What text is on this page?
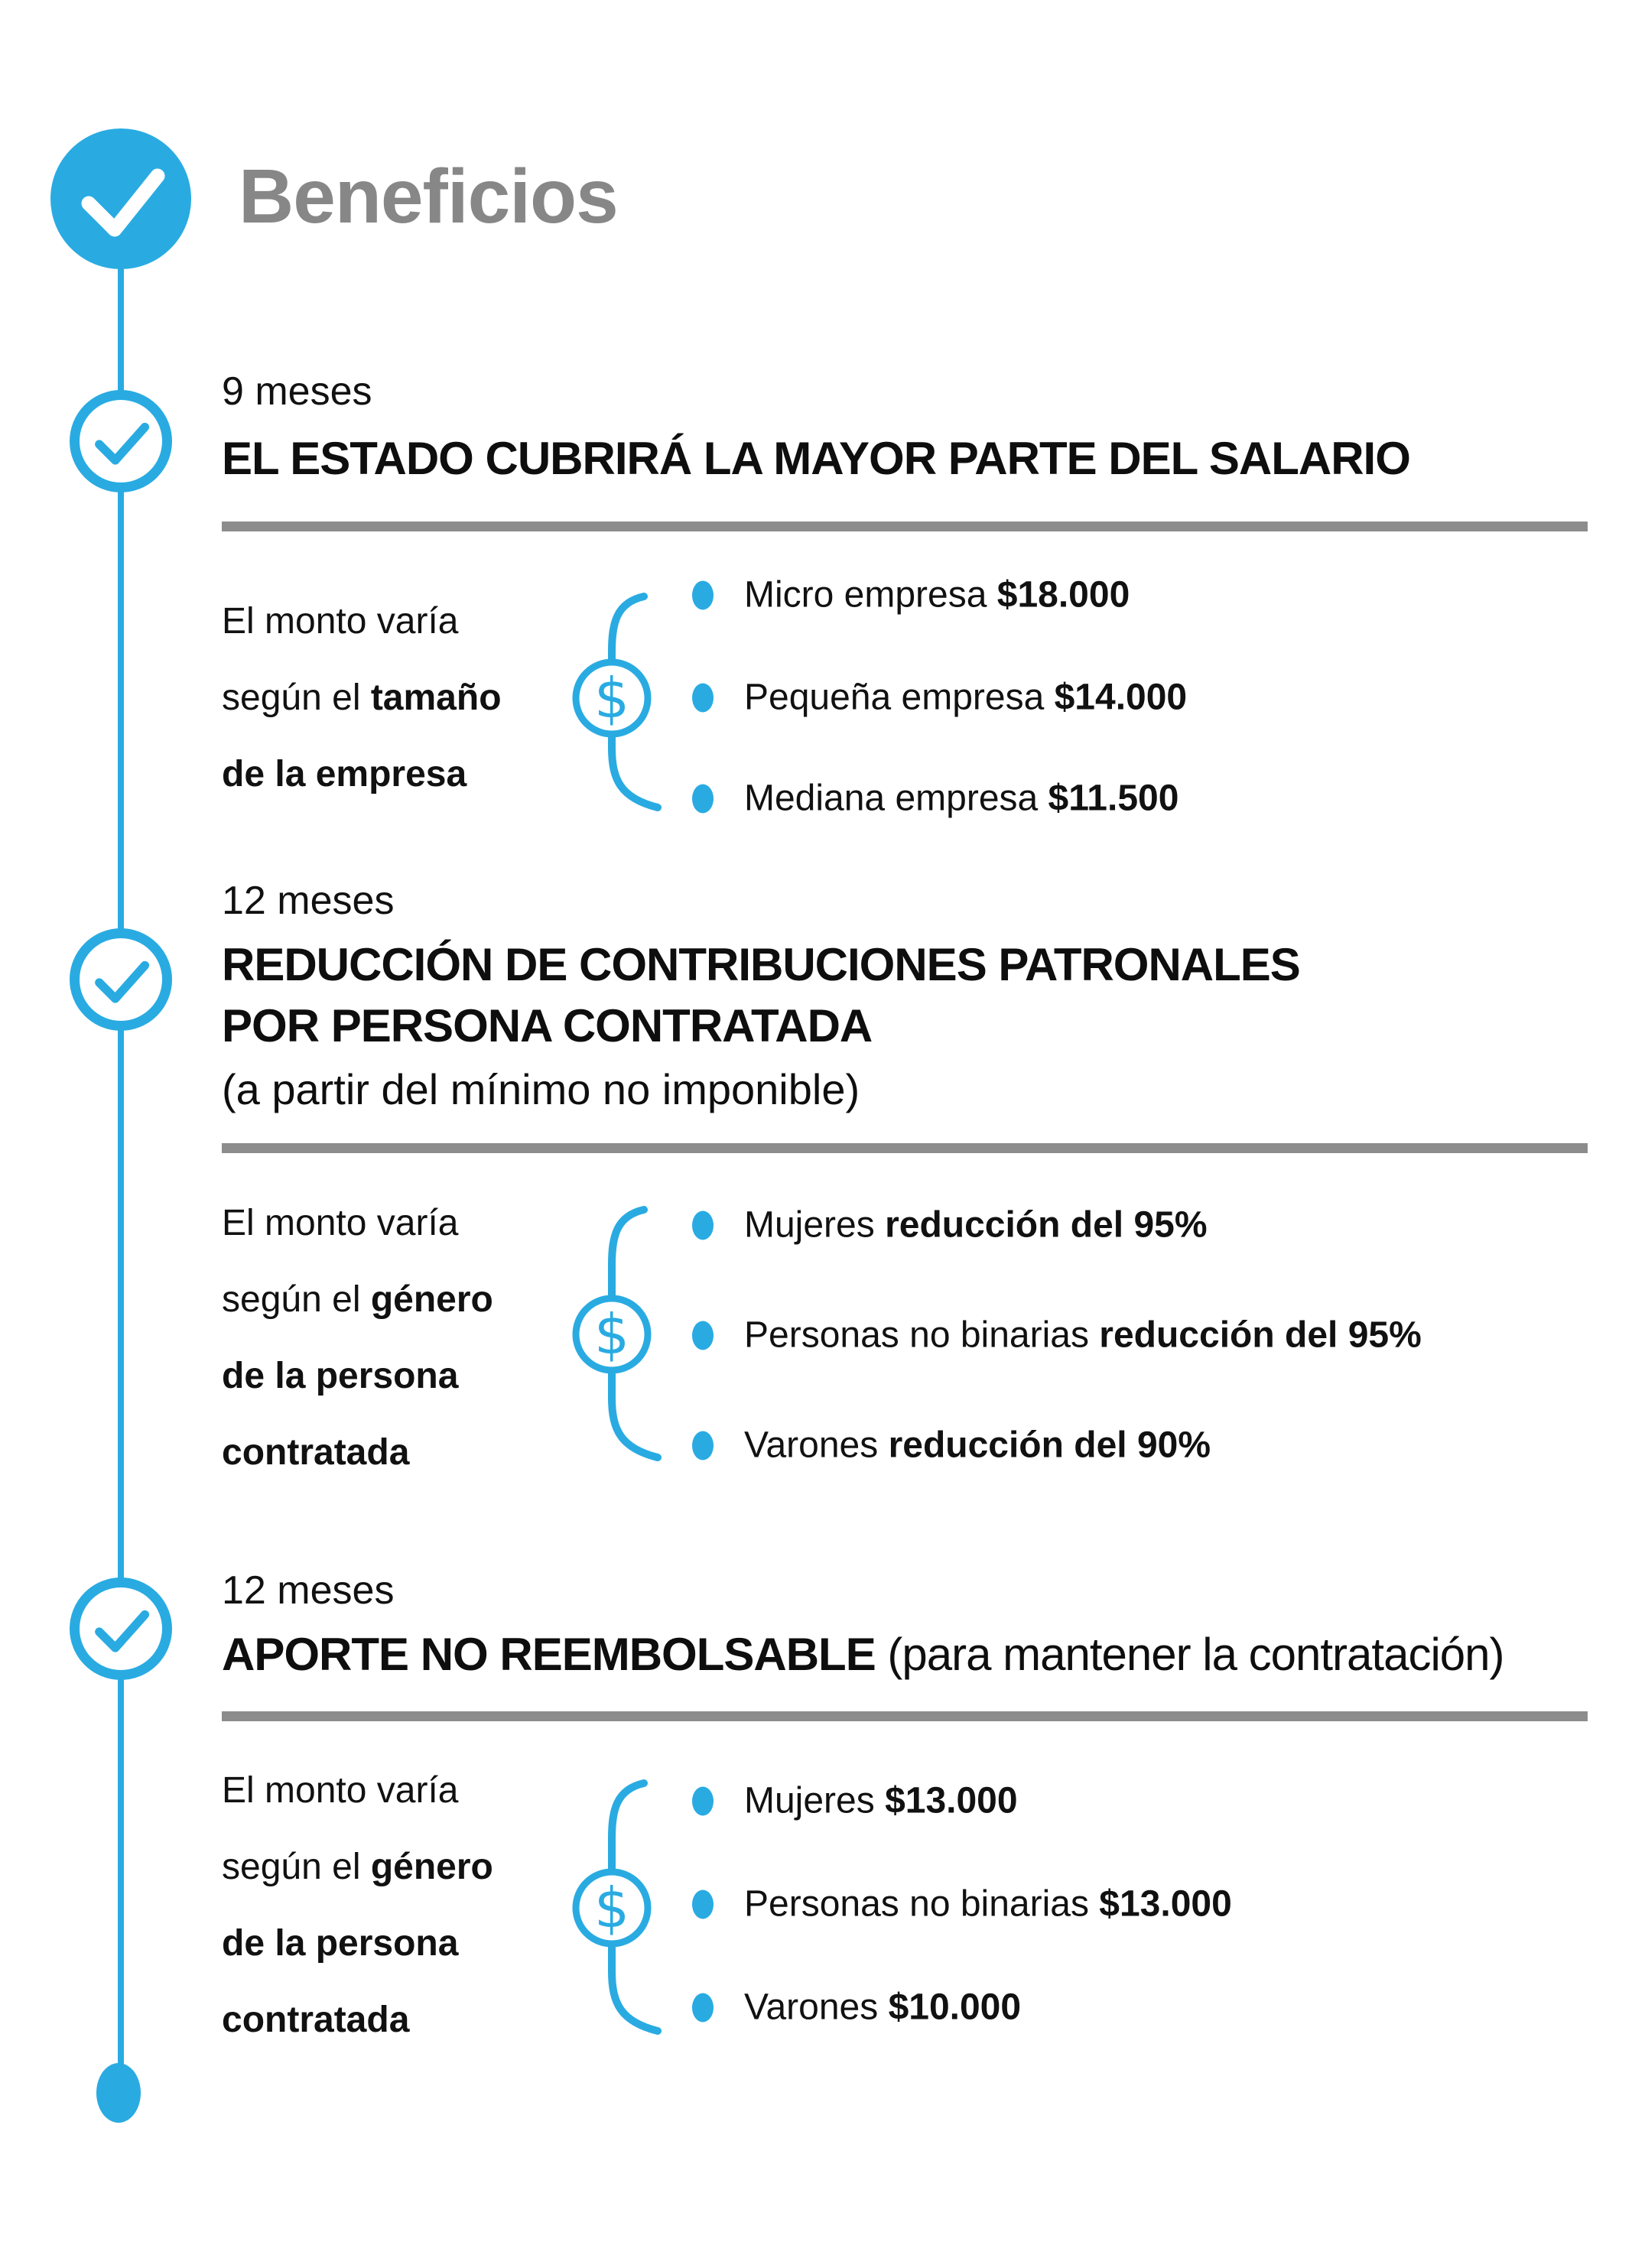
Beneficios
9 meses
EL ESTADO CUBRIRÁ LA MAYOR PARTE DEL SALARIO
El monto varía
según el tamaño
de la empresa
$
Micro empresa $18.000
Pequeña empresa $14.000
Mediana empresa $11.500
12 meses
REDUCCIÓN DE CONTRIBUCIONES PATRONALES
POR PERSONA CONTRATADA
(a partir del mínimo no imponible)
El monto varía
según el género
de la persona
contratada
$
Mujeres reducción del 95%
Personas no binarias reducción del 95%
Varones reducción del 90%
12 meses
APORTE NO REEMBOLSABLE (para mantener la contratación)
El monto varía
según el género
de la persona
contratada
$
Mujeres $13.000
Personas no binarias $13.000
Varones $10.000
